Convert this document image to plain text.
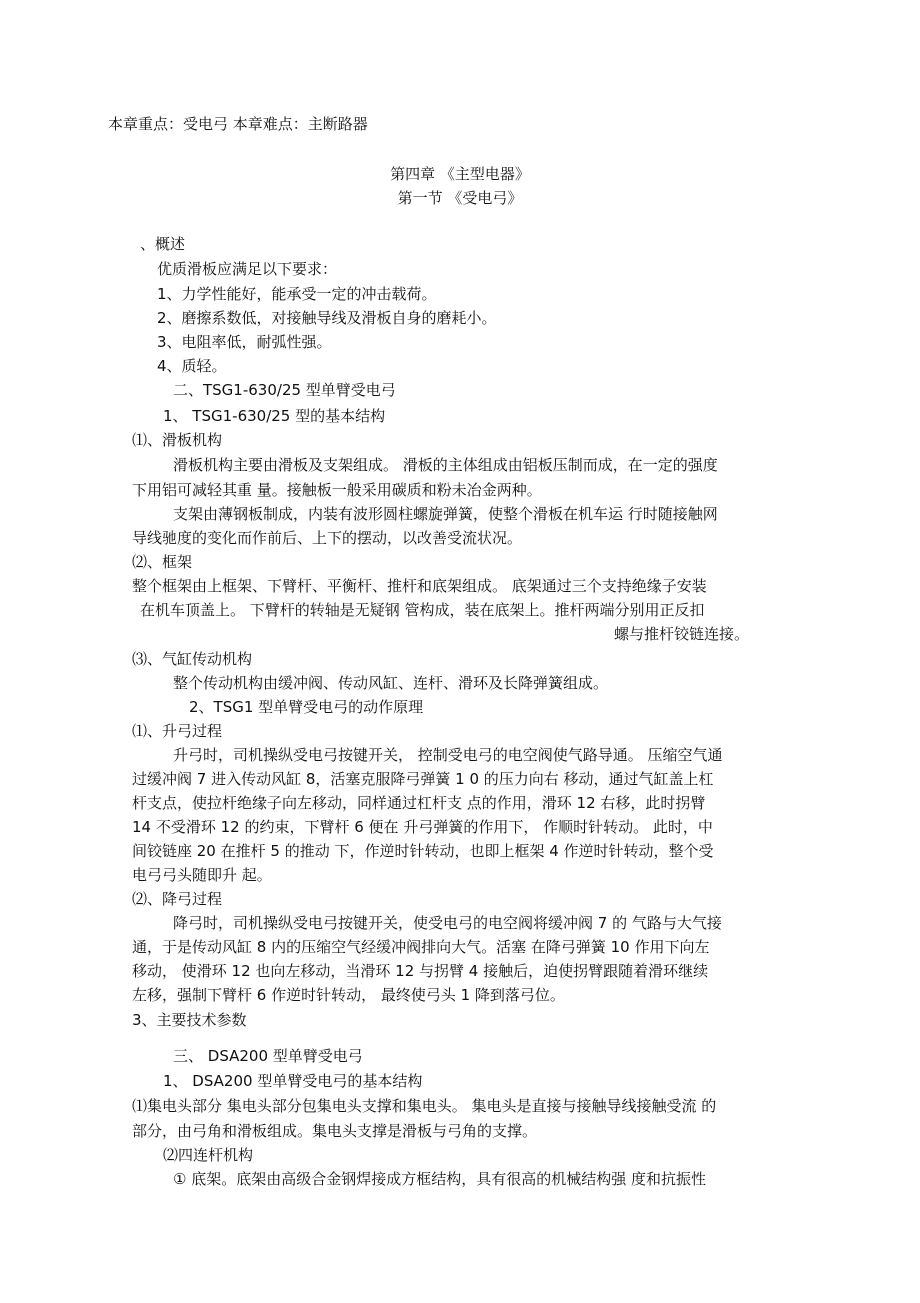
本章重点：受电弓 本章难点：主断路器
第四章 《主型电器》
第一节 《受电弓》
、概述
优质滑板应满足以下要求：
1、力学性能好，能承受一定的冲击载荷。
2、磨擦系数低，对接触导线及滑板自身的磨耗小。
3、电阻率低，耐弧性强。
4、质轻。
二、TSG1-630/25 型单臂受电弓
1、 TSG1-630/25 型的基本结构
⑴、滑板机构
滑板机构主要由滑板及支架组成。 滑板的主体组成由铝板压制而成，在一定的强度
下用铝可减轻其重 量。接触板一般采用碳质和粉未冶金两种。
支架由薄钢板制成，内装有波形圆柱螺旋弹簧，使整个滑板在机车运 行时随接触网
导线驰度的变化而作前后、上下的摆动，以改善受流状况。
⑵、框架
整个框架由上框架、下臂杆、平衡杆、推杆和底架组成。 底架通过三个支持绝缘子安装
在机车顶盖上。 下臂杆的转轴是无疑钢 管构成，装在底架上。推杆两端分别用正反扣
螺与推杆铰链连接。
⑶、气缸传动机构
整个传动机构由缓冲阀、传动风缸、连杆、滑环及长降弹簧组成。
2、TSG1 型单臂受电弓的动作原理
⑴、升弓过程
升弓时，司机操纵受电弓按键开关， 控制受电弓的电空阀使气路导通。 压缩空气通
过缓冲阀 7 进入传动风缸 8，活塞克服降弓弹簧 1 0 的压力向右 移动，通过气缸盖上杠
杆支点，使拉杆绝缘子向左移动，同样通过杠杆支 点的作用，滑环 12 右移，此时拐臂
14 不受滑环 12 的约束，下臂杆 6 便在 升弓弹簧的作用下， 作顺时针转动。 此时，中
间铰链座 20 在推杆 5 的推动 下，作逆时针转动，也即上框架 4 作逆时针转动，整个受
电弓弓头随即升 起。
⑵、降弓过程
降弓时，司机操纵受电弓按键开关，使受电弓的电空阀将缓冲阀 7 的 气路与大气接
通，于是传动风缸 8 内的压缩空气经缓冲阀排向大气。活塞 在降弓弹簧 10 作用下向左
移动， 使滑环 12 也向左移动，当滑环 12 与拐臂 4 接触后，迫使拐臂跟随着滑环继续
左移，强制下臂杆 6 作逆时针转动， 最终使弓头 1 降到落弓位。
3、主要技术参数
三、 DSA200 型单臂受电弓
1、 DSA200 型单臂受电弓的基本结构
⑴集电头部分 集电头部分包集电头支撑和集电头。 集电头是直接与接触导线接触受流 的
部分，由弓角和滑板组成。集电头支撑是滑板与弓角的支撑。
⑵四连杆机构
① 底架。底架由高级合金钢焊接成方框结构，具有很高的机械结构强 度和抗振性
